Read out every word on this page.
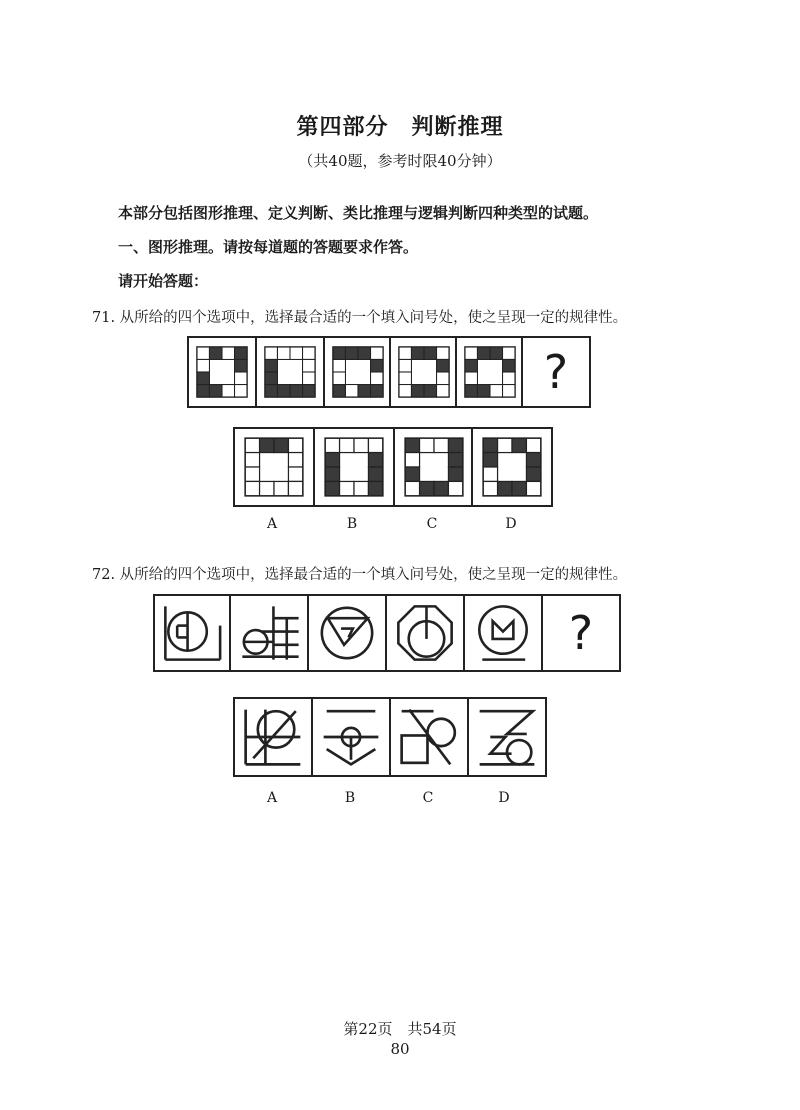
第四部分　判断推理
（共40题，参考时限40分钟）
本部分包括图形推理、定义判断、类比推理与逻辑判断四种类型的试题。
一、图形推理。请按每道题的答题要求作答。
请开始答题：
71. 从所给的四个选项中，选择最合适的一个填入问号处，使之呈现一定的规律性。
?
A	B	C	D
72. 从所给的四个选项中，选择最合适的一个填入问号处，使之呈现一定的规律性。
?
A	B	C	D
第22页　共54页
80
